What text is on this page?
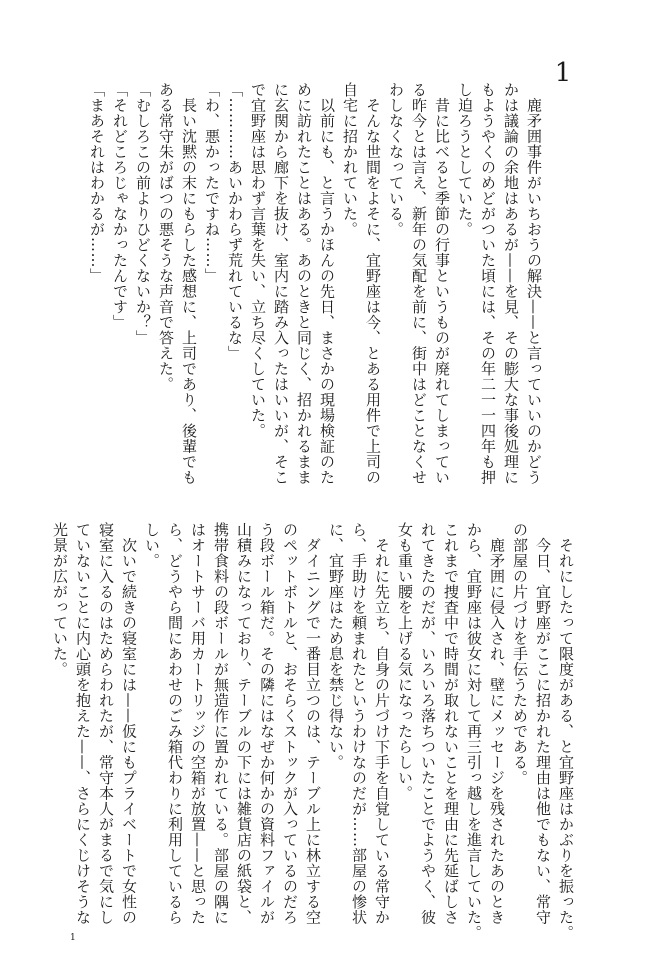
1
　鹿矛囲事件がいちおうの解決——と言っていいのかどう
かは議論の余地はあるが——を見、その膨大な事後処理に
もようやくのめどがついた頃には、その年二一一四年も押
し迫ろうとしていた。
　昔に比べると季節の行事というものが廃れてしまってい
る昨今とは言え、新年の気配を前に、街中はどことなくせ
わしなくなっている。
　そんな世間をよそに、宜野座は今、とある用件で上司の
自宅に招かれていた。
　以前にも、と言うかほんの先日、まさかの現場検証のた
めに訪れたことはある。あのときと同じく、招かれるまま
に玄関から廊下を抜け、室内に踏み入ったはいいが、そこ
で宜野座は思わず言葉を失い、立ち尽くしていた。
「…………あいかわらず荒れているな」
「わ、悪かったですね……」
　長い沈黙の末にもらした感想に、上司であり、後輩でも
ある常守朱がばつの悪そうな声音で答えた。
「むしろこの前よりひどくないか？」
「それどころじゃなかったんです」
「まあそれはわかるが……」
　それにしたって限度がある、と宜野座はかぶりを振った。
　今日、宜野座がここに招かれた理由は他でもない、常守
の部屋の片づけを手伝うためである。
　鹿矛囲に侵入され、壁にメッセージを残されたあのとき
から、宜野座は彼女に対して再三引っ越しを進言していた。
これまで捜査中で時間が取れないことを理由に先延ばしさ
れてきたのだが、いろいろ落ちついたことでようやく、彼
女も重い腰を上げる気になったらしい。
　それに先立ち、自身の片づけ下手を自覚している常守か
ら、手助けを頼まれたというわけなのだが……部屋の惨状
に、宜野座はため息を禁じ得ない。
　ダイニングで一番目立つのは、テーブル上に林立する空
のペットボトルと、おそらくストックが入っているのだろ
う段ボール箱だ。その隣にはなぜか何かの資料ファイルが
山積みになっており、テーブルの下には雑貨店の紙袋と、
携帯食料の段ボールが無造作に置かれている。部屋の隅に
はオートサーバ用カートリッジの空箱が放置——と思った
ら、どうやら間にあわせのごみ箱代わりに利用しているら
しい。
　次いで続きの寝室には——仮にもプライベートで女性の
寝室に入るのはためらわれたが、常守本人がまるで気にし
ていないことに内心頭を抱えた——、さらにくじけそうな
光景が広がっていた。
1
